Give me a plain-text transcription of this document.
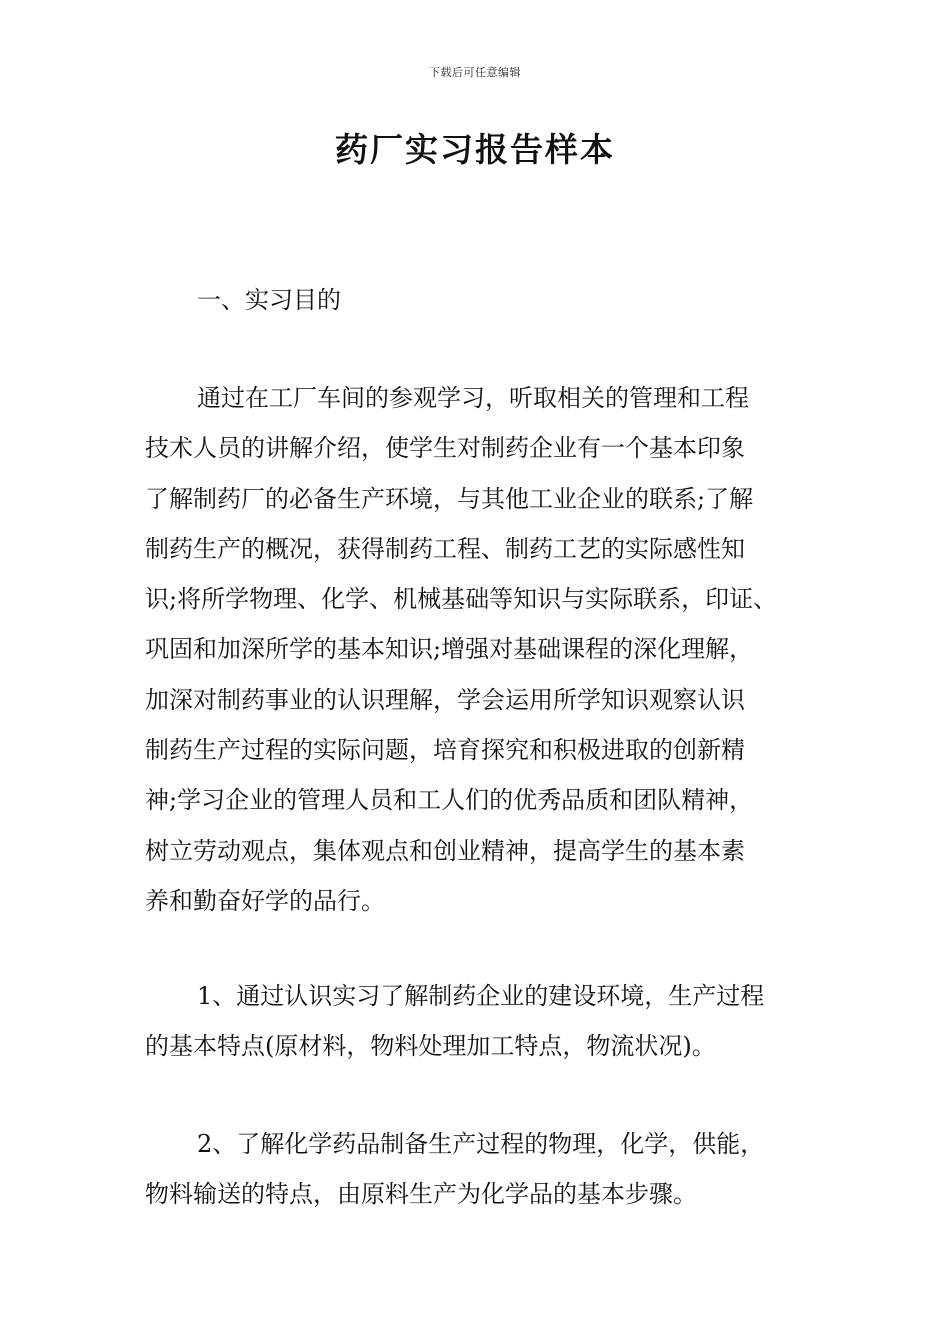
下载后可任意编辑
药厂实习报告样本
一、实习目的
通过在工厂车间的参观学习，听取相关的管理和工程
技术人员的讲解介绍，使学生对制药企业有一个基本印象
了解制药厂的必备生产环境，与其他工业企业的联系;了解
制药生产的概况，获得制药工程、制药工艺的实际感性知
识;将所学物理、化学、机械基础等知识与实际联系，印证、
巩固和加深所学的基本知识;增强对基础课程的深化理解，
加深对制药事业的认识理解，学会运用所学知识观察认识
制药生产过程的实际问题，培育探究和积极进取的创新精
神;学习企业的管理人员和工人们的优秀品质和团队精神，
树立劳动观点，集体观点和创业精神，提高学生的基本素
养和勤奋好学的品行。
1、通过认识实习了解制药企业的建设环境，生产过程
的基本特点(原材料，物料处理加工特点，物流状况)。
2、了解化学药品制备生产过程的物理，化学，供能，
物料输送的特点，由原料生产为化学品的基本步骤。
